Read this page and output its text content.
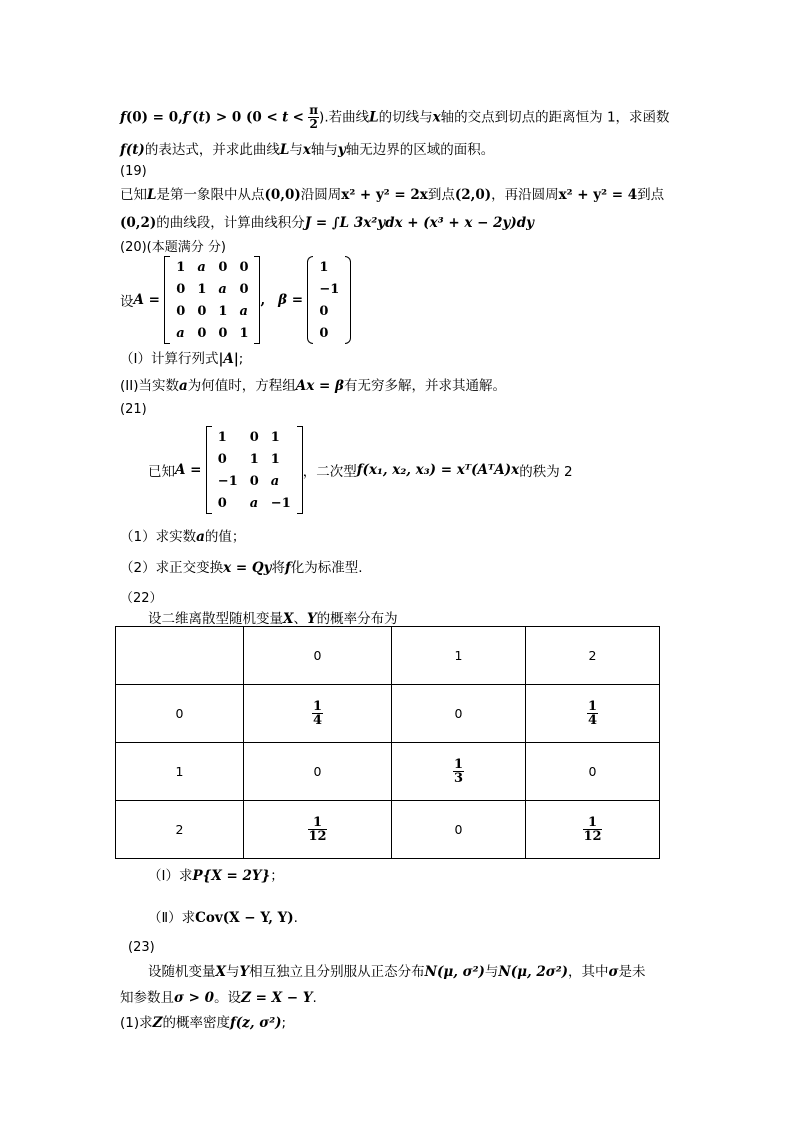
f(0) = 0,f′(t) > 0 ($0 < t < \frac{\pi}{2}$ ).若曲线L的切线与x轴的交点到切点的距离恒为 1，求函数
f(t)的表达式，并求此曲线L与x轴与y轴无边界的区域的面积。
(19)
已知L是第一象限中从点(0,0)沿圆周x² + y² = 2x到点(2,0)，再沿圆周x² + y² = 4到点
(0,2)的曲线段，计算曲线积分J = ∫L 3x²ydx + (x³ + x − 2y)dy
(20)(本题满分 分)
设A =
1	a	0	0
0	1	a	0
0	0	1	a
a	0	0	1
, β =
1
−1
0
0
（I）计算行列式|A|;
(II)当实数a为何值时，方程组Ax = β有无穷多解，并求其通解。
(21)
已知A =
1	0	1
0	1	1
−1	0	a
0	a	−1
，二次型f(x₁, x₂, x₃) = xᵀ(AᵀA)x的秩为 2
（1）求实数a的值；
（2）求正交变换x = Qy将f化为标准型.
（22）
设二维离散型随机变量X、Y的概率分布为
	0	1	2
0	$\frac{1}{4}$	0	$\frac{1}{4}$

1	0	$\frac{1}{3}$	0
2	$\frac{1}{12}$	0	$\frac{1}{12}$
（Ⅰ）求P{X = 2Y}；
（Ⅱ）求Cov(X − Y, Y).
(23)
设随机变量X与Y相互独立且分别服从正态分布N(μ, σ²)与N(μ, 2σ²)，其中σ是未
知参数且σ > 0。设Z = X − Y.
(1)求Z的概率密度f(z, σ²);
